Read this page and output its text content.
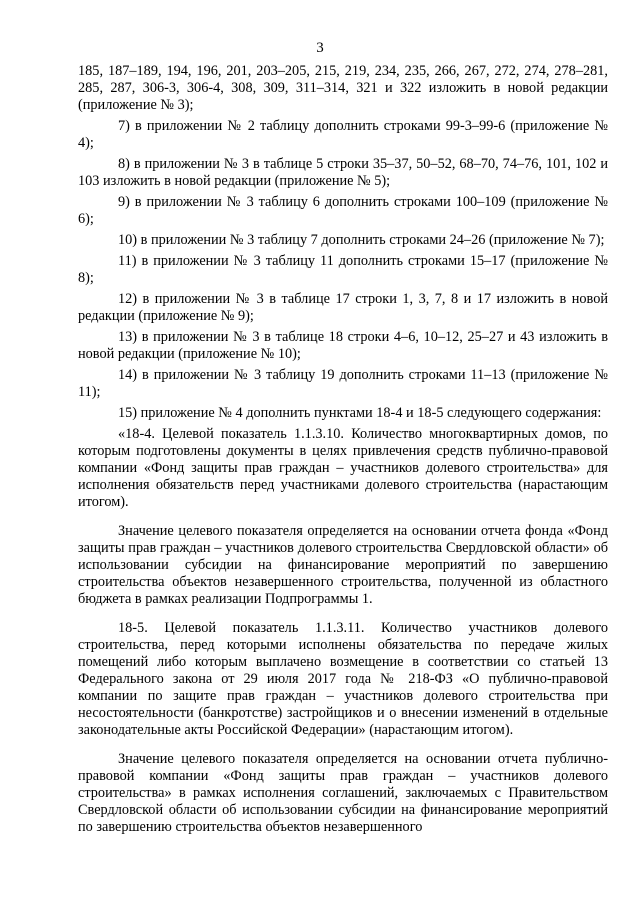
3

185, 187–189, 194, 196, 201, 203–205, 215, 219, 234, 235, 266, 267, 272, 274, 278–281, 285, 287, 306-3, 306-4, 308, 309, 311–314, 321 и 322 изложить в новой редакции (приложение № 3);

7) в приложении № 2 таблицу дополнить строками 99-3–99-6 (приложение № 4);

8) в приложении № 3 в таблице 5 строки 35–37, 50–52, 68–70, 74–76, 101, 102 и 103 изложить в новой редакции (приложение № 5);

9) в приложении № 3 таблицу 6 дополнить строками 100–109 (приложение № 6);

10) в приложении № 3 таблицу 7 дополнить строками 24–26 (приложение № 7);

11) в приложении № 3 таблицу 11 дополнить строками 15–17 (приложение № 8);

12) в приложении № 3 в таблице 17 строки 1, 3, 7, 8 и 17 изложить в новой редакции (приложение № 9);

13) в приложении № 3 в таблице 18 строки 4–6, 10–12, 25–27 и 43 изложить в новой редакции (приложение № 10);

14) в приложении № 3 таблицу 19 дополнить строками 11–13 (приложение № 11);

15) приложение № 4 дополнить пунктами 18-4 и 18-5 следующего содержания:

«18-4. Целевой показатель 1.1.3.10. Количество многоквартирных домов, по которым подготовлены документы в целях привлечения средств публично-правовой компании «Фонд защиты прав граждан – участников долевого строительства» для исполнения обязательств перед участниками долевого строительства (нарастающим итогом).

Значение целевого показателя определяется на основании отчета фонда «Фонд защиты прав граждан – участников долевого строительства Свердловской области» об использовании субсидии на финансирование мероприятий по завершению строительства объектов незавершенного строительства, полученной из областного бюджета в рамках реализации Подпрограммы 1.

18-5. Целевой показатель 1.1.3.11. Количество участников долевого строительства, перед которыми исполнены обязательства по передаче жилых помещений либо которым выплачено возмещение в соответствии со статьей 13 Федерального закона от 29 июля 2017 года № 218-ФЗ «О публично-правовой компании по защите прав граждан – участников долевого строительства при несостоятельности (банкротстве) застройщиков и о внесении изменений в отдельные законодательные акты Российской Федерации» (нарастающим итогом).

Значение целевого показателя определяется на основании отчета публично-правовой компании «Фонд защиты прав граждан – участников долевого строительства» в рамках исполнения соглашений, заключаемых с Правительством Свердловской области об использовании субсидии на финансирование мероприятий по завершению строительства объектов незавершенного
